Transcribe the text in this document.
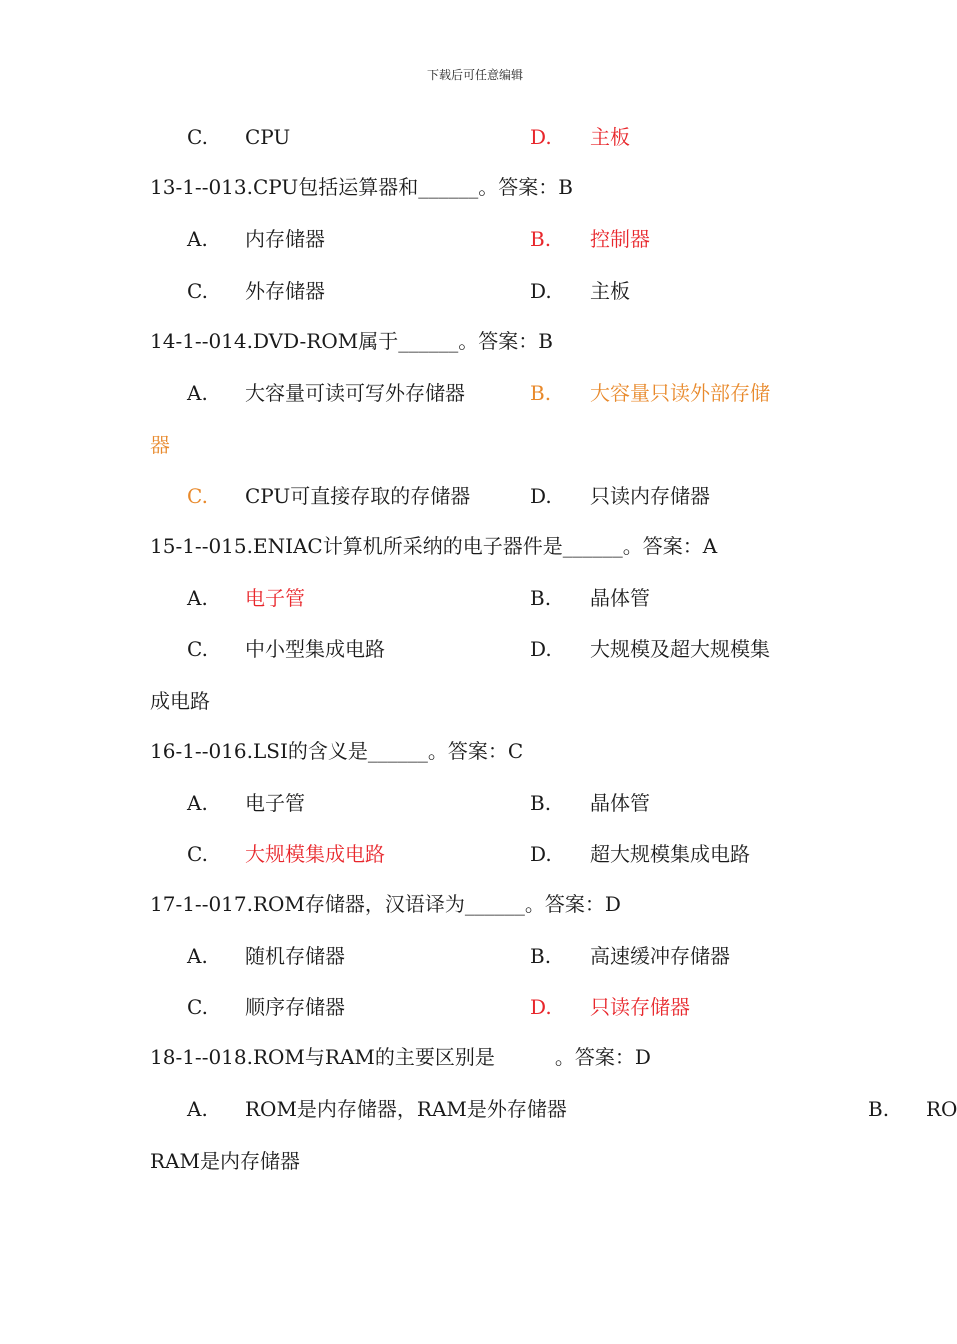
下载后可任意编辑
C. CPU	D. 主板
13-1--013.CPU包括运算器和______。答案：B
A. 内存储器	B. 控制器
C. 外存储器	D. 主板
14-1--014.DVD-ROM属于______。答案：B
A. 大容量可读可写外存储器	B. 大容量只读外部存储
器
C. CPU可直接存取的存储器	D. 只读内存储器
15-1--015.ENIAC计算机所采纳的电子器件是______。答案：A
A. 电子管	B. 晶体管
C. 中小型集成电路	D. 大规模及超大规模集
成电路
16-1--016.LSI的含义是______。答案：C
A. 电子管	B. 晶体管
C. 大规模集成电路	D. 超大规模集成电路
17-1--017.ROM存储器，汉语译为______。答案：D
A. 随机存储器	B. 高速缓冲存储器
C. 顺序存储器	D. 只读存储器
18-1--018.ROM与RAM的主要区别是　　　。答案：D
A. ROM是内存储器，RAM是外存储器	B. RO
RAM是内存储器
